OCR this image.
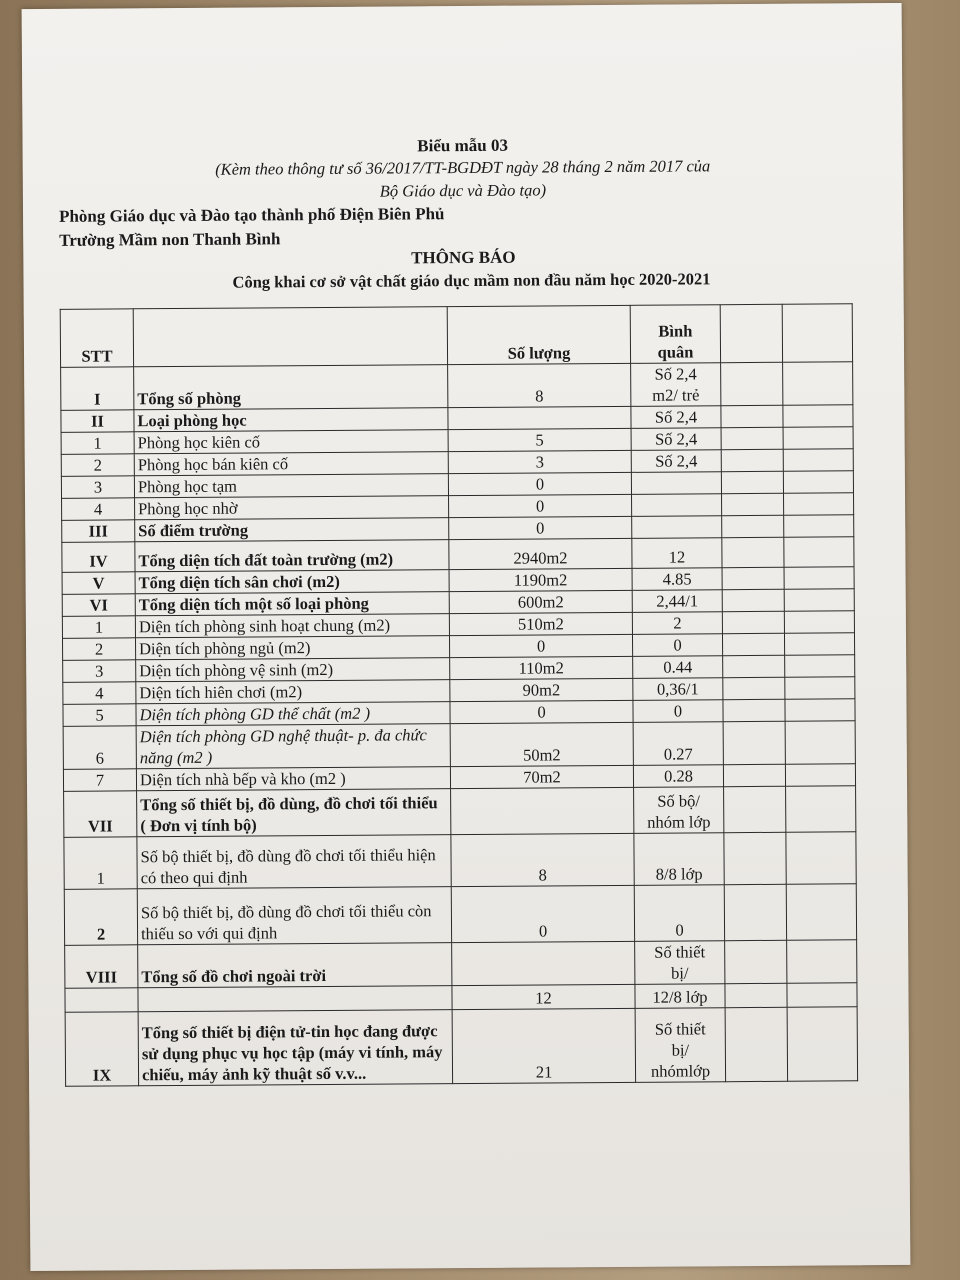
Biểu mẫu 03
(Kèm theo thông tư số 36/2017/TT-BGDĐT ngày 28 tháng 2 năm 2017 của
Bộ Giáo dục và Đào tạo)
Phòng Giáo dục và Đào tạo thành phố Điện Biên Phủ
Trường Mầm non Thanh Bình
THÔNG BÁO
Công khai cơ sở vật chất giáo dục mầm non đầu năm học 2020-2021
STT		Số lượng	Bình
quân		
I	Tổng số phòng	8	Số 2,4
m2/ trẻ		
II	Loại phòng học		Số 2,4		
1	Phòng học kiên cố	5	Số 2,4		
2	Phòng học bán kiên cố	3	Số 2,4		
3	Phòng học tạm	0			
4	Phòng học nhờ	0			
III	Số điểm trường	0			
IV	Tổng diện tích đất toàn trường (m2)	2940m2	12		
V	Tổng diện tích sân chơi (m2)	1190m2	4.85		
VI	Tổng diện tích một số loại phòng	600m2	2,44/1		
1	Diện tích phòng sinh hoạt chung (m2)	510m2	2		
2	Diện tích phòng ngủ (m2)	0	0		
3	Diện tích phòng vệ sinh (m2)	110m2	0.44		
4	Diện tích hiên chơi (m2)	90m2	0,36/1		
5	Diện tích phòng GD thể chất (m2 )	0	0		
6	Diện tích phòng GD nghệ thuật- p. đa chức năng (m2 )	50m2	0.27		
7	Diện tích nhà bếp và kho (m2 )	70m2	0.28		
VII	Tổng số thiết bị, đồ dùng, đồ chơi tối thiểu ( Đơn vị tính bộ)		Số bộ/
nhóm lớp		
1	Số bộ thiết bị, đồ dùng đồ chơi tối thiểu hiện có theo qui định	8	8/8 lớp		
2	Số bộ thiết bị, đồ dùng đồ chơi tối thiểu còn thiếu so với qui định	0	0		
VIII	Tổng số đồ chơi ngoài trời		Số thiết
bị/		
		12	12/8 lớp		
IX	Tổng số thiết bị điện tử-tin học đang được sử dụng phục vụ học tập (máy vi tính, máy chiếu, máy ảnh kỹ thuật số v.v...	21	Số thiết
bị/
nhómlớp		
